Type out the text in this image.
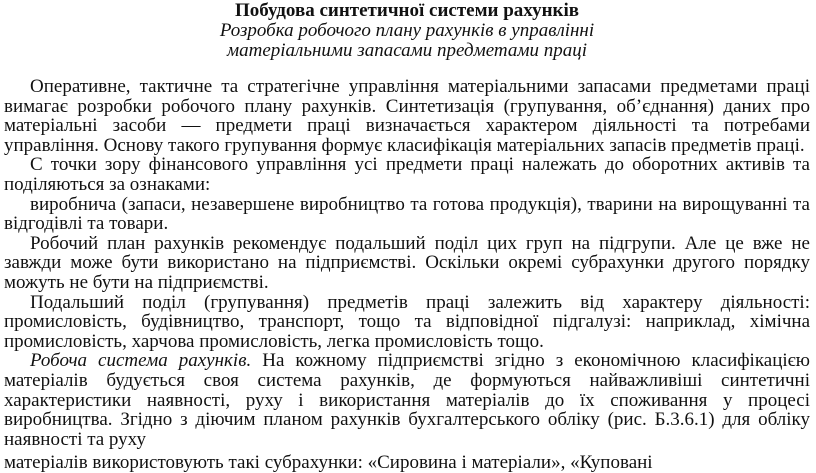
Побудова синтетичної системи рахунків
Розробка робочого плану рахунків в управлінні
матеріальними запасами предметами праці

Оперативне, тактичне та стратегічне управління матеріальними запасами предметами праці вимагає розробки робочого плану рахунків. Синтетизація (групування, об’єднання) даних про матеріальні засоби — предмети праці визначається характером діяльності та потребами управління. Основу такого групування формує класифікація матеріальних запасів предметів праці.

С точки зору фінансового управління усі предмети праці належать до оборотних активів та поділяються за ознаками:

виробнича (запаси, незавершене виробництво та готова продукція), тварини на вирощуванні та відгодівлі та товари.

Робочий план рахунків рекомендує подальший поділ цих груп на підгрупи. Але це вже не завжди може бути використано на підприємстві. Оскільки окремі субрахунки другого порядку можуть не бути на підприємстві.

Подальший поділ (групування) предметів праці залежить від характеру діяльності: промисловість, будівництво, транспорт, тощо та відповідної підгалузі: наприклад, хімічна промисловість, харчова промисловість, легка промисловість тощо.

Робоча система рахунків. На кожному підприємстві згідно з економічною класифікацією матеріалів будується своя система рахунків, де формуються найважливіші синтетичні характеристики наявності, руху і використання матеріалів до їх споживання у процесі виробництва. Згідно з діючим планом рахунків бухгалтерського обліку (рис. Б.3.6.1) для обліку наявності та руху

матеріалів використовують такі субрахунки: «Сировина і матеріали», «Куповані
